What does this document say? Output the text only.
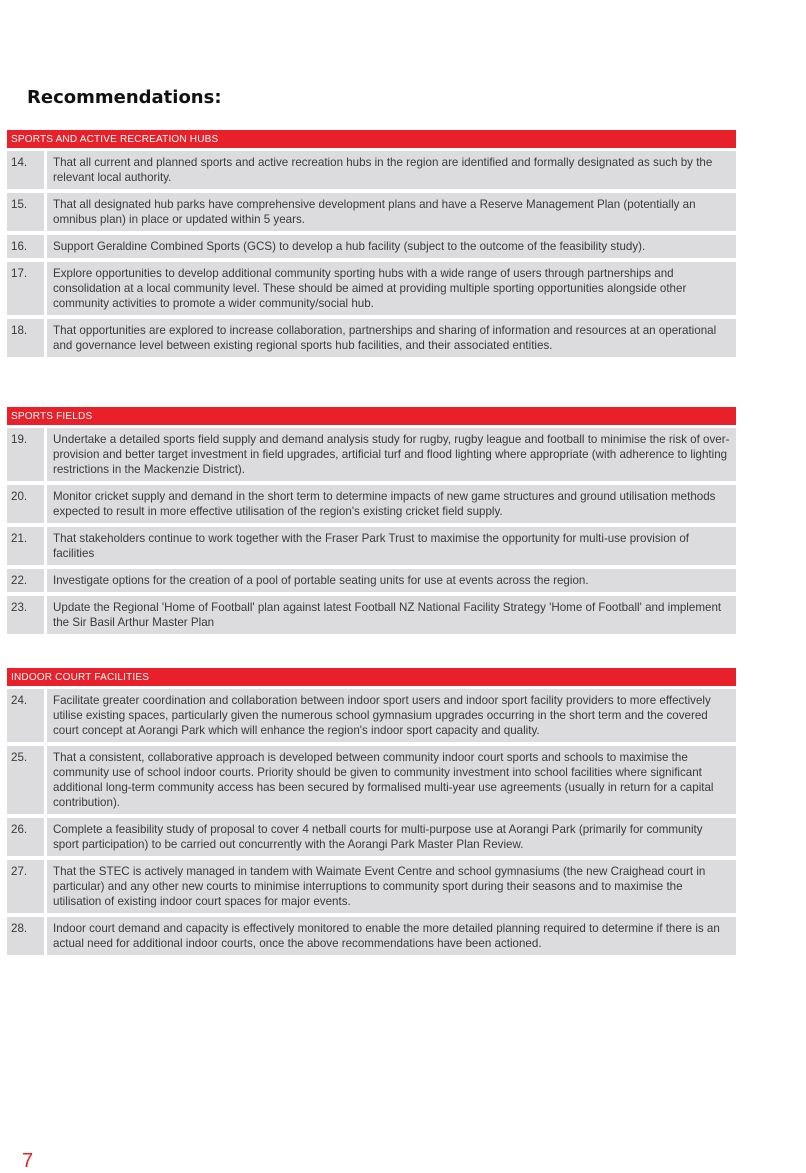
Recommendations:
SPORTS AND ACTIVE RECREATION HUBS
14.	That all current and planned sports and active recreation hubs in the region are identified and formally designated as such by the relevant local authority.
15.	That all designated hub parks have comprehensive development plans and have a Reserve Management Plan (potentially an omnibus plan) in place or updated within 5 years.
16.	Support Geraldine Combined Sports (GCS) to develop a hub facility (subject to the outcome of the feasibility study).
17.	Explore opportunities to develop additional community sporting hubs with a wide range of users through partnerships and consolidation at a local community level. These should be aimed at providing multiple sporting opportunities alongside other community activities to promote a wider community/social hub.
18.	That opportunities are explored to increase collaboration, partnerships and sharing of information and resources at an operational and governance level between existing regional sports hub facilities, and their associated entities.
SPORTS FIELDS
19.	Undertake a detailed sports field supply and demand analysis study for rugby, rugby league and football to minimise the risk of over-provision and better target investment in field upgrades, artificial turf and flood lighting where appropriate (with adherence to lighting restrictions in the Mackenzie District).
20.	Monitor cricket supply and demand in the short term to determine impacts of new game structures and ground utilisation methods expected to result in more effective utilisation of the region's existing cricket field supply.
21.	That stakeholders continue to work together with the Fraser Park Trust to maximise the opportunity for multi-use provision of facilities
22.	Investigate options for the creation of a pool of portable seating units for use at events across the region.
23.	Update the Regional 'Home of Football' plan against latest Football NZ National Facility Strategy 'Home of Football' and implement the Sir Basil Arthur Master Plan
INDOOR COURT FACILITIES
24.	Facilitate greater coordination and collaboration between indoor sport users and indoor sport facility providers to more effectively utilise existing spaces, particularly given the numerous school gymnasium upgrades occurring in the short term and the covered court concept at Aorangi Park which will enhance the region's indoor sport capacity and quality.
25.	That a consistent, collaborative approach is developed between community indoor court sports and schools to maximise the community use of school indoor courts. Priority should be given to community investment into school facilities where significant additional long-term community access has been secured by formalised multi-year use agreements (usually in return for a capital contribution).
26.	Complete a feasibility study of proposal to cover 4 netball courts for multi-purpose use at Aorangi Park (primarily for community sport participation) to be carried out concurrently with the Aorangi Park Master Plan Review.
27.	That the STEC is actively managed in tandem with Waimate Event Centre and school gymnasiums (the new Craighead court in particular) and any other new courts to minimise interruptions to community sport during their seasons and to maximise the utilisation of existing indoor court spaces for major events.
28.	Indoor court demand and capacity is effectively monitored to enable the more detailed planning required to determine if there is an actual need for additional indoor courts, once the above recommendations have been actioned.
7
